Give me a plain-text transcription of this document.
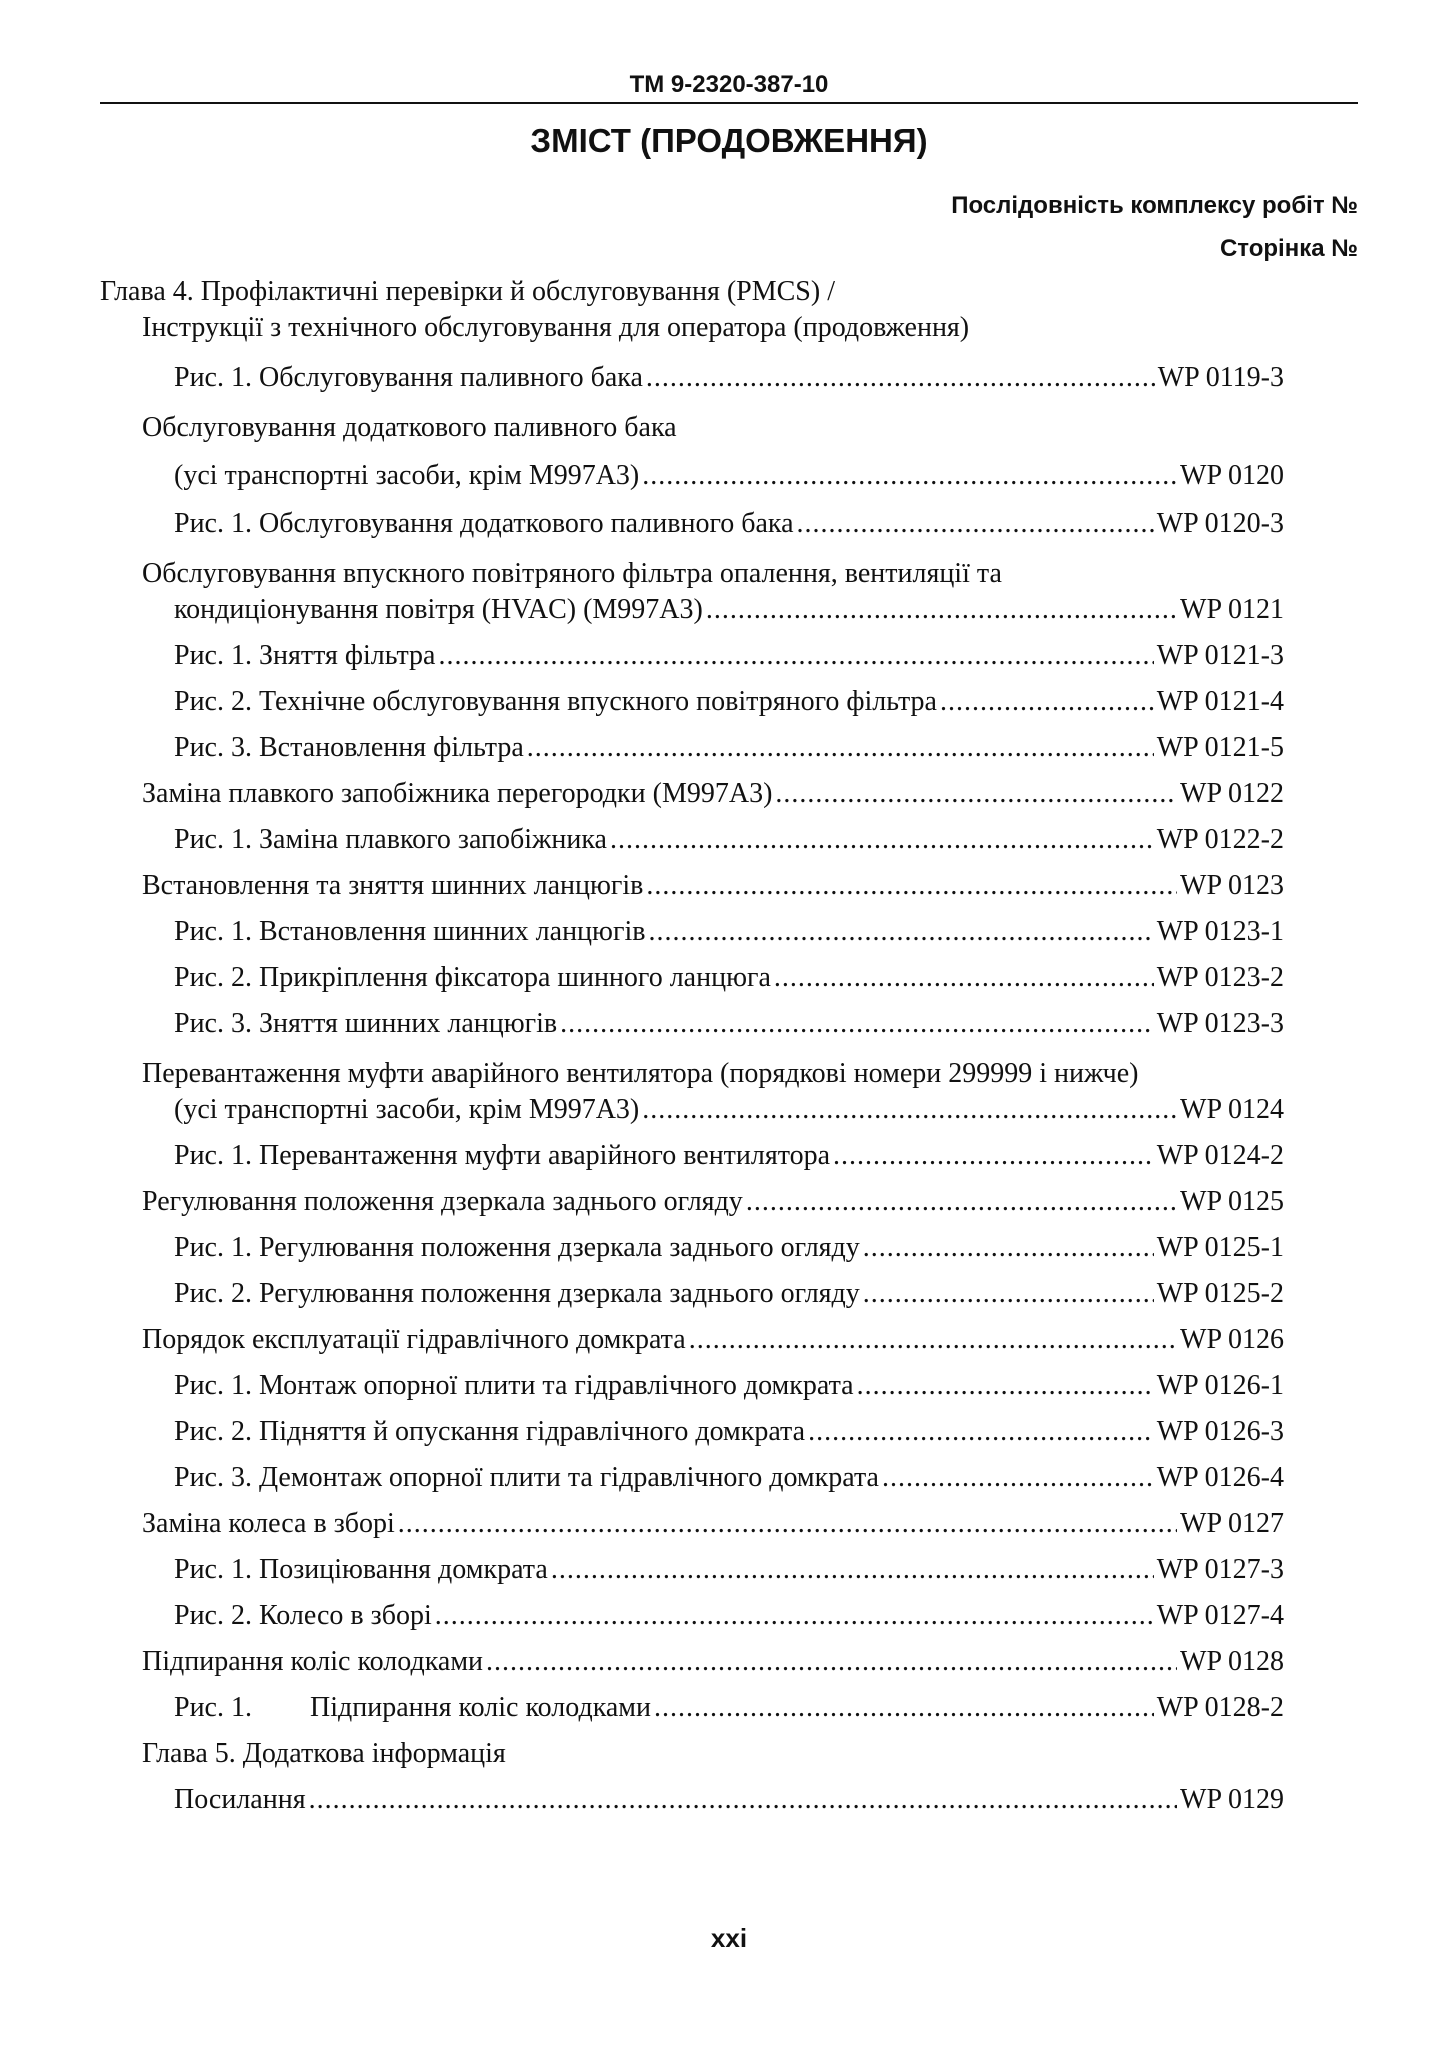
TM 9-2320-387-10
ЗМІСТ (ПРОДОВЖЕННЯ)
Послідовність комплексу робіт №
Сторінка №
Глава 4. Профілактичні перевірки й обслуговування (PMCS) /
Інструкції з технічного обслуговування для оператора (продовження)
Рис. 1. Обслуговування паливного бака .....	WP 0119-3
Обслуговування додаткового паливного бака
(усі транспортні засоби, крім M997A3) .....	WP 0120
Рис. 1. Обслуговування додаткового паливного бака .....	WP 0120-3
Обслуговування впускного повітряного фільтра опалення, вентиляції та
кондиціонування повітря (HVAC) (M997A3) .....	WP 0121
Рис. 1. Зняття фільтра .....	WP 0121-3
Рис. 2. Технічне обслуговування впускного повітряного фільтра .....	WP 0121-4
Рис. 3. Встановлення фільтра .....	WP 0121-5
Заміна плавкого запобіжника перегородки (M997A3) .....	WP 0122
Рис. 1. Заміна плавкого запобіжника .....	WP 0122-2
Встановлення та зняття шинних ланцюгів .....	WP 0123
Рис. 1. Встановлення шинних ланцюгів .....	WP 0123-1
Рис. 2. Прикріплення фіксатора шинного ланцюга .....	WP 0123-2
Рис. 3. Зняття шинних ланцюгів .....	WP 0123-3
Перевантаження муфти аварійного вентилятора (порядкові номери 299999 і нижче)
(усі транспортні засоби, крім M997A3) .....	WP 0124
Рис. 1. Перевантаження муфти аварійного вентилятора .....	WP 0124-2
Регулювання положення дзеркала заднього огляду .....	WP 0125
Рис. 1. Регулювання положення дзеркала заднього огляду .....	WP 0125-1
Рис. 2. Регулювання положення дзеркала заднього огляду .....	WP 0125-2
Порядок експлуатації гідравлічного домкрата .....	WP 0126
Рис. 1. Монтаж опорної плити та гідравлічного домкрата .....	WP 0126-1
Рис. 2. Підняття й опускання гідравлічного домкрата .....	WP 0126-3
Рис. 3. Демонтаж опорної плити та гідравлічного домкрата .....	WP 0126-4
Заміна колеса в зборі .....	WP 0127
Рис. 1. Позиціювання домкрата .....	WP 0127-3
Рис. 2. Колесо в зборі .....	WP 0127-4
Підпирання коліс колодками .....	WP 0128
Рис. 1. Підпирання коліс колодками .....	WP 0128-2
Глава 5. Додаткова інформація
Посилання .....	WP 0129
xxi
